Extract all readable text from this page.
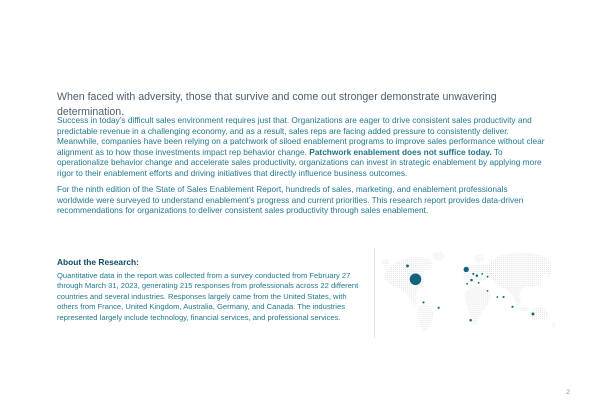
When faced with adversity, those that survive and come out stronger demonstrate unwavering determination.

Success in today’s difficult sales environment requires just that. Organizations are eager to drive consistent sales productivity and predictable revenue in a challenging economy, and as a result, sales reps are facing added pressure to consistently deliver. Meanwhile, companies have been relying on a patchwork of siloed enablement programs to improve sales performance without clear alignment as to how those investments impact rep behavior change. Patchwork enablement does not suffice today. To operationalize behavior change and accelerate sales productivity, organizations can invest in strategic enablement by applying more rigor to their enablement efforts and driving initiatives that directly influence business outcomes.

For the ninth edition of the State of Sales Enablement Report, hundreds of sales, marketing, and enablement professionals worldwide were surveyed to understand enablement’s progress and current priorities. This research report provides data-driven recommendations for organizations to deliver consistent sales productivity through sales enablement.

About the Research:

Quantitative data in the report was collected from a survey conducted from February 27 through March 31, 2023, generating 215 responses from professionals across 22 different countries and several industries. Responses largely came from the United States, with others from France, United Kingdom, Australia, Germany, and Canada. The industries represented largely include technology, financial services, and professional services.

2
